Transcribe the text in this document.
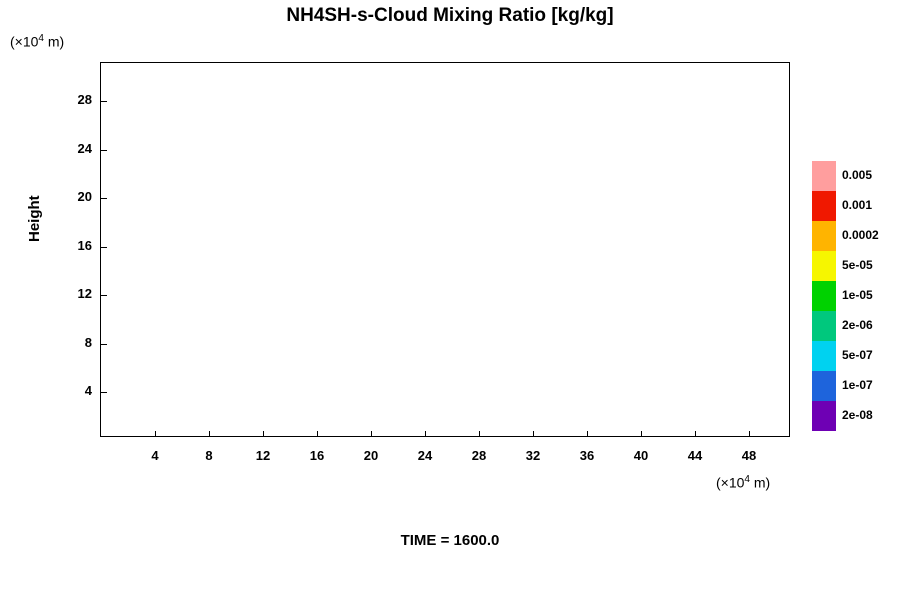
NH4SH-s-Cloud Mixing Ratio [kg/kg]
($\times 10^4$ m)
Height
4	8	12	16	20	24	28	32	36	40	44	48
4
8
12
16
20
24
28
($\times 10^4$ m)
0.005
0.001
0.0002
5e-05
1e-05
2e-06
5e-07
1e-07
2e-08
TIME = 1600.0
